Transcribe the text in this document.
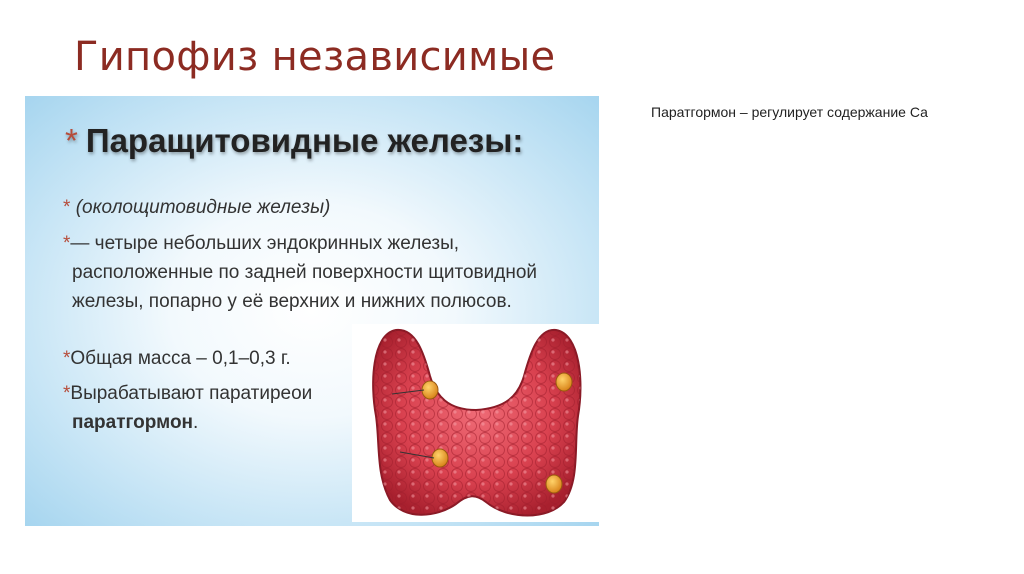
Гипофиз независимые
Паратгормон – регулирует содержание Са
* Паращитовидные железы:
* (околощитовидные железы)
*— четыре небольших эндокринных железы,
расположенные по задней поверхности щитовидной железы, попарно у её верхних и нижних полюсов.
*Общая масса – 0,1–0,3 г.
*Вырабатывают паратиреои
паратгормон.
